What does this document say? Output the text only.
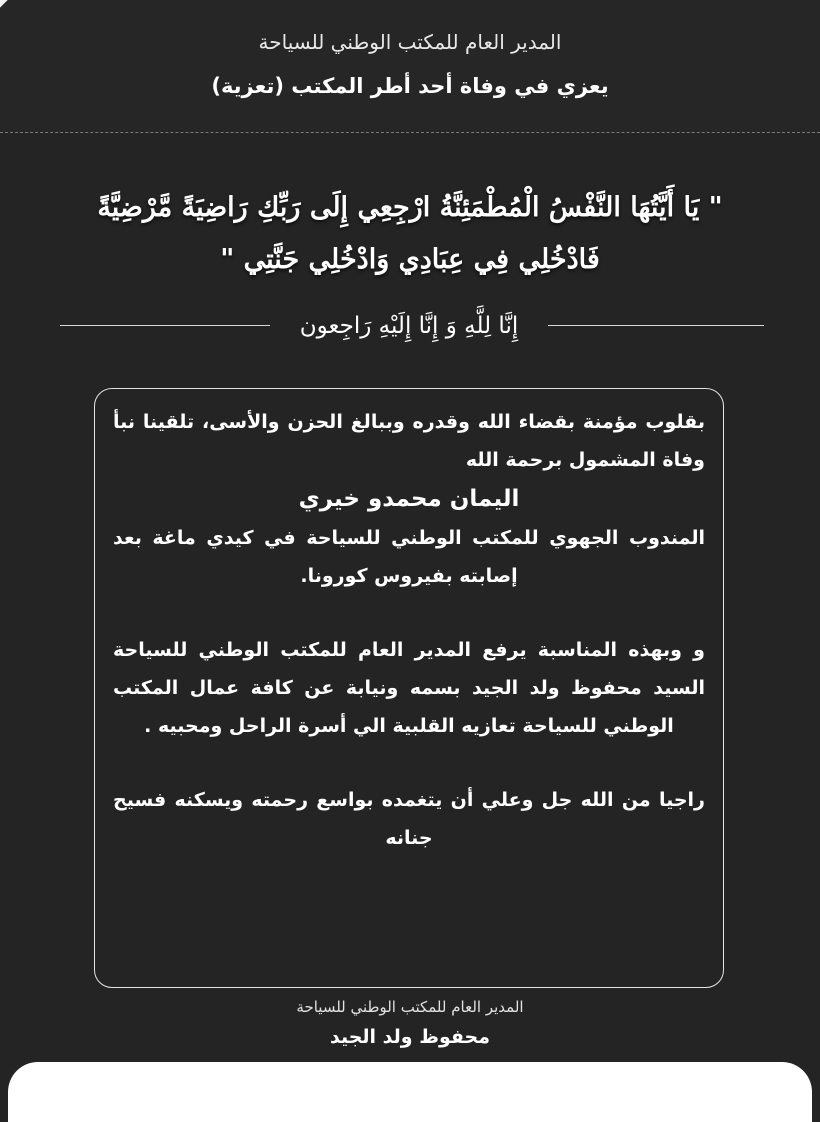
المدير العام للمكتب الوطني للسياحة
يعزي في وفاة أحد أطر المكتب (تعزية)
" يَا أَيَّتُهَا النَّفْسُ الْمُطْمَئِنَّةُ ارْجِعِي إِلَى رَبِّكِ رَاضِيَةً مَّرْضِيَّةً
فَادْخُلِي فِي عِبَادِي وَادْخُلِي جَنَّتِي "
إِنَّا لِلَّهِ وَ إِنَّا إِلَيْهِ رَاجِعون

بقلوب مؤمنة بقضاء الله وقدره وببالغ الحزن والأسى، تلقينا نبأ وفاة المشمول برحمة الله

اليمان محمدو خيري

المندوب الجهوي للمكتب الوطني للسياحة في كيدي ماغة بعد إصابته بفيروس كورونا.

و وبهذه المناسبة يرفع المدير العام للمكتب الوطني للسياحة السيد محفوظ ولد الجيد بسمه ونيابة عن كافة عمال المكتب الوطني للسياحة تعازيه القلبية الي أسرة الراحل ومحبيه .

راجيا من الله جل وعلي أن يتغمده بواسع رحمته ويسكنه فسيح جنانه

المدير العام للمكتب الوطني للسياحة
محفوظ ولد الجيد
